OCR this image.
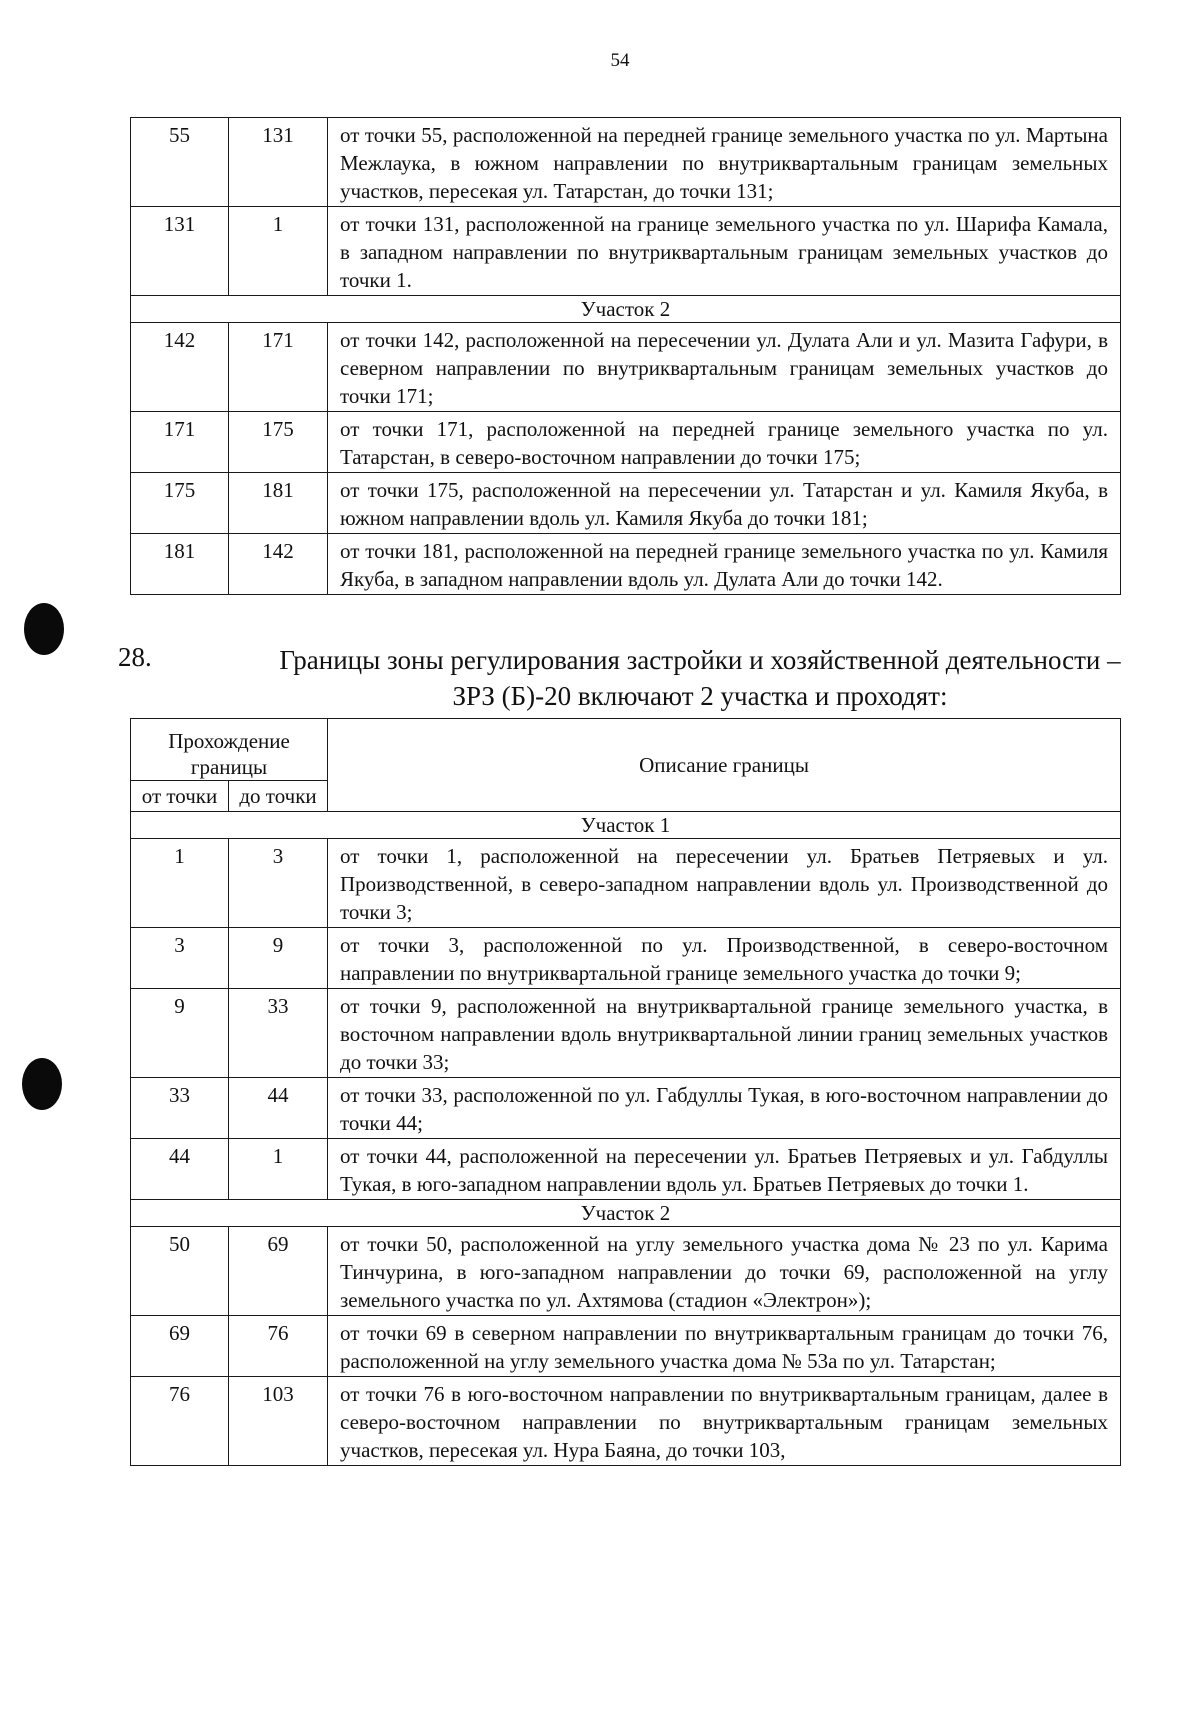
54
55	131	от точки 55, расположенной на передней границе земельного участка по ул. Мартына Межлаука, в южном направлении по внутриквартальным границам земельных участков, пересекая ул. Татарстан, до точки 131;
131	1	от точки 131, расположенной на границе земельного участка по ул. Шарифа Камала, в западном направлении по внутриквартальным границам земельных участков до точки 1.
Участок 2		
142	171	от точки 142, расположенной на пересечении ул. Дулата Али и ул. Мазита Гафури, в северном направлении по внутриквартальным границам земельных участков до точки 171;
171	175	от точки 171, расположенной на передней границе земельного участка по ул. Татарстан, в северо-восточном направлении до точки 175;
175	181	от точки 175, расположенной на пересечении ул. Татарстан и ул. Камиля Якуба, в южном направлении вдоль ул. Камиля Якуба до точки 181;
181	142	от точки 181, расположенной на передней границе земельного участка по ул. Камиля Якуба, в западном направлении вдоль ул. Дулата Али до точки 142.
28.	Границы зоны регулирования застройки и хозяйственной деятельности – ЗРЗ (Б)-20 включают 2 участка и проходят:
Прохождение границы		Описание границы
от точки	до точки	
Участок 1		
1	3	от точки 1, расположенной на пересечении ул. Братьев Петряевых и ул. Производственной, в северо-западном направлении вдоль ул. Производственной до точки 3;
3	9	от точки 3, расположенной по ул. Производственной, в северо-восточном направлении по внутриквартальной границе земельного участка до точки 9;
9	33	от точки 9, расположенной на внутриквартальной границе земельного участка, в восточном направлении вдоль внутриквартальной линии границ земельных участков до точки 33;
33	44	от точки 33, расположенной по ул. Габдуллы Тукая, в юго-восточном направлении до точки 44;
44	1	от точки 44, расположенной на пересечении ул. Братьев Петряевых и ул. Габдуллы Тукая, в юго-западном направлении вдоль ул. Братьев Петряевых до точки 1.
Участок 2		
50	69	от точки 50, расположенной на углу земельного участка дома № 23 по ул. Карима Тинчурина, в юго-западном направлении до точки 69, расположенной на углу земельного участка по ул. Ахтямова (стадион «Электрон»);
69	76	от точки 69 в северном направлении по внутриквартальным границам до точки 76, расположенной на углу земельного участка дома № 53а по ул. Татарстан;
76	103	от точки 76 в юго-восточном направлении по внутриквартальным границам, далее в северо-восточном направлении по внутриквартальным границам земельных участков, пересекая ул. Нура Баяна, до точки 103,
